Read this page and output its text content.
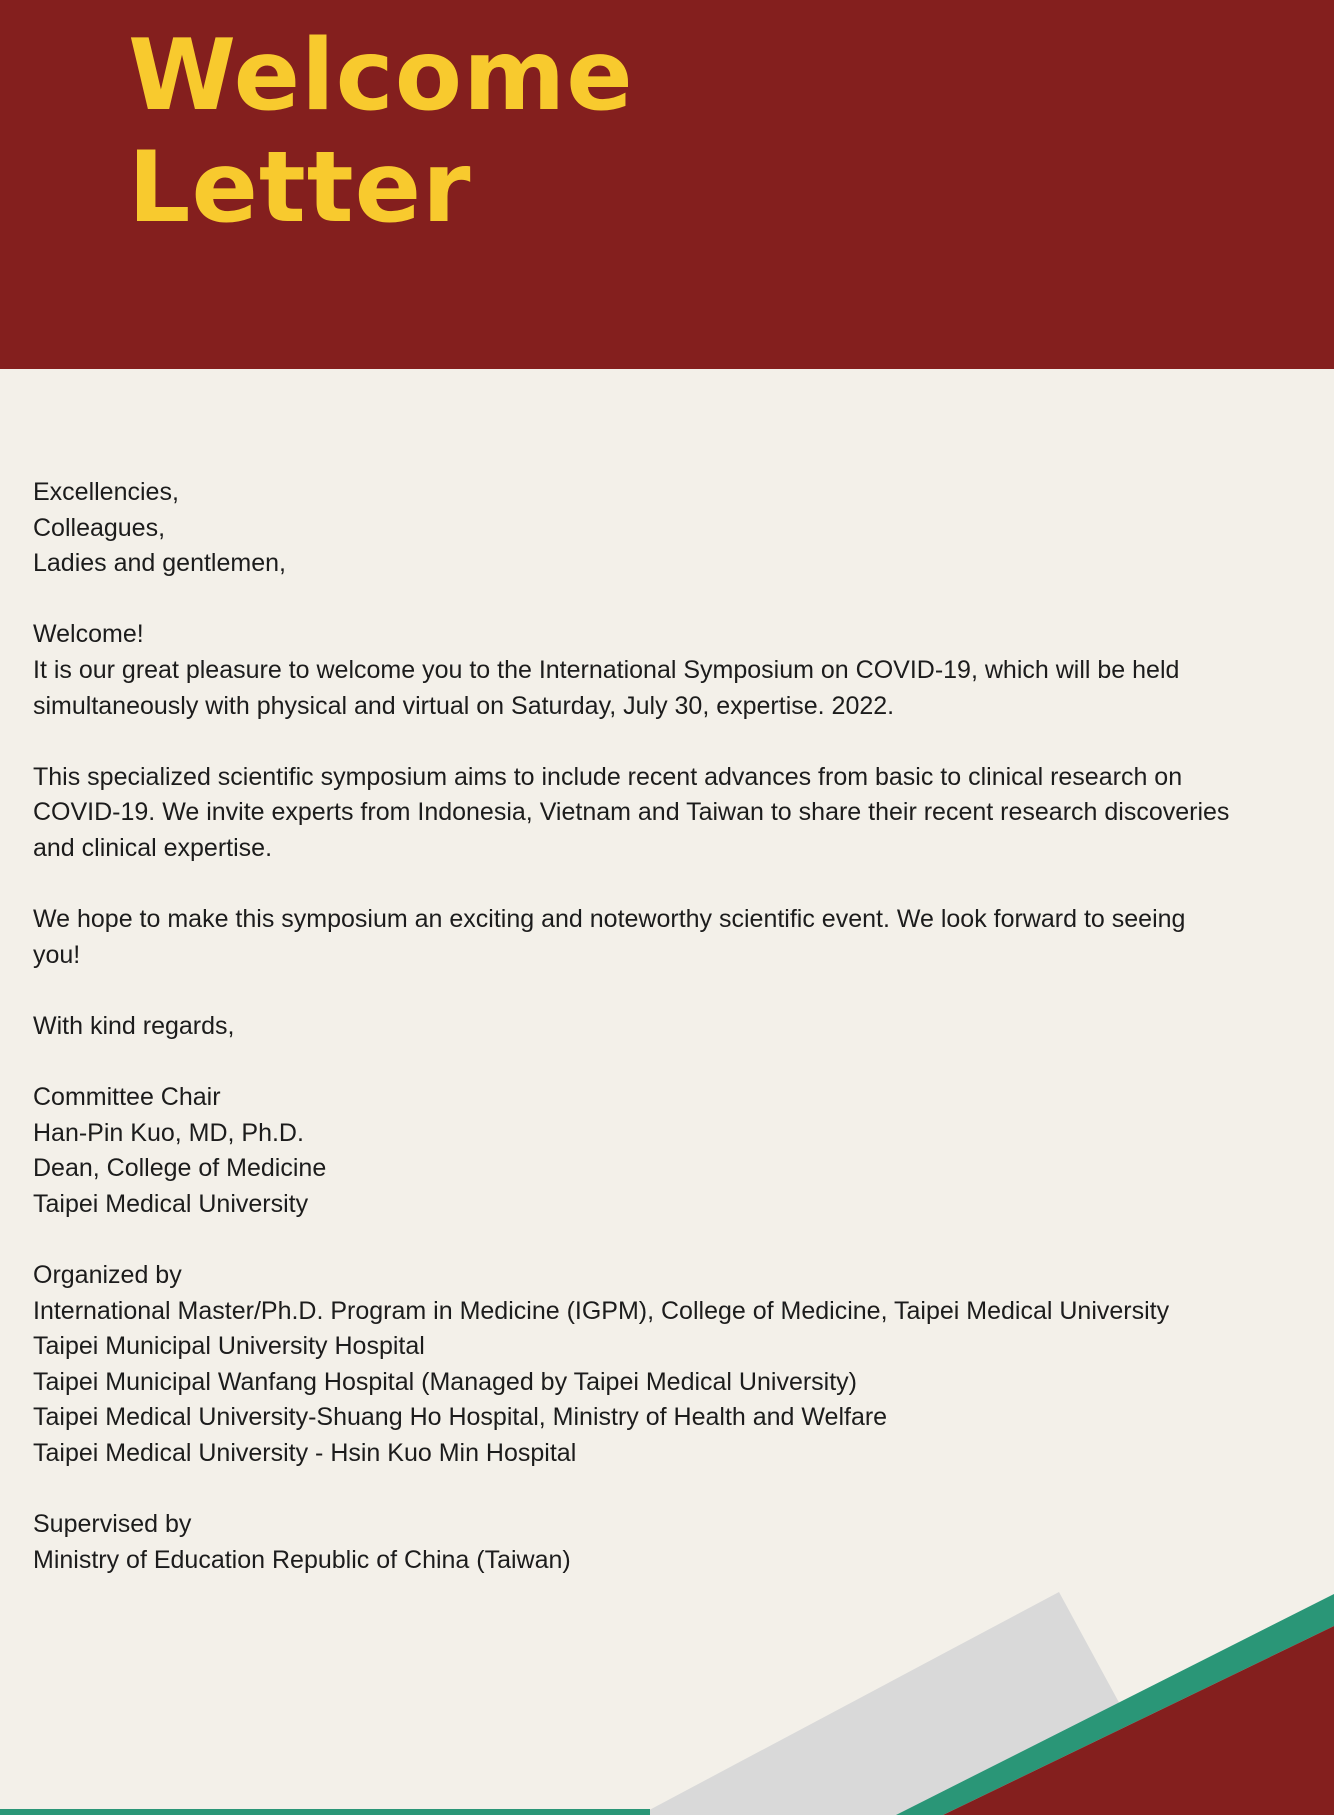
Welcome
Letter
Excellencies,
Colleagues,
Ladies and gentlemen,
Welcome!
It is our great pleasure to welcome you to the International Symposium on COVID-19, which will be held
simultaneously with physical and virtual on Saturday, July 30, expertise. 2022.
This specialized scientific symposium aims to include recent advances from basic to clinical research on
COVID-19. We invite experts from Indonesia, Vietnam and Taiwan to share their recent research discoveries
and clinical expertise.
We hope to make this symposium an exciting and noteworthy scientific event. We look forward to seeing
you!
With kind regards,
Committee Chair
Han-Pin Kuo, MD, Ph.D.
Dean, College of Medicine
Taipei Medical University
Organized by
International Master/Ph.D. Program in Medicine (IGPM), College of Medicine, Taipei Medical University
Taipei Municipal University Hospital
Taipei Municipal Wanfang Hospital (Managed by Taipei Medical University)
Taipei Medical University-Shuang Ho Hospital, Ministry of Health and Welfare
Taipei Medical University - Hsin Kuo Min Hospital
Supervised by
Ministry of Education Republic of China (Taiwan)
